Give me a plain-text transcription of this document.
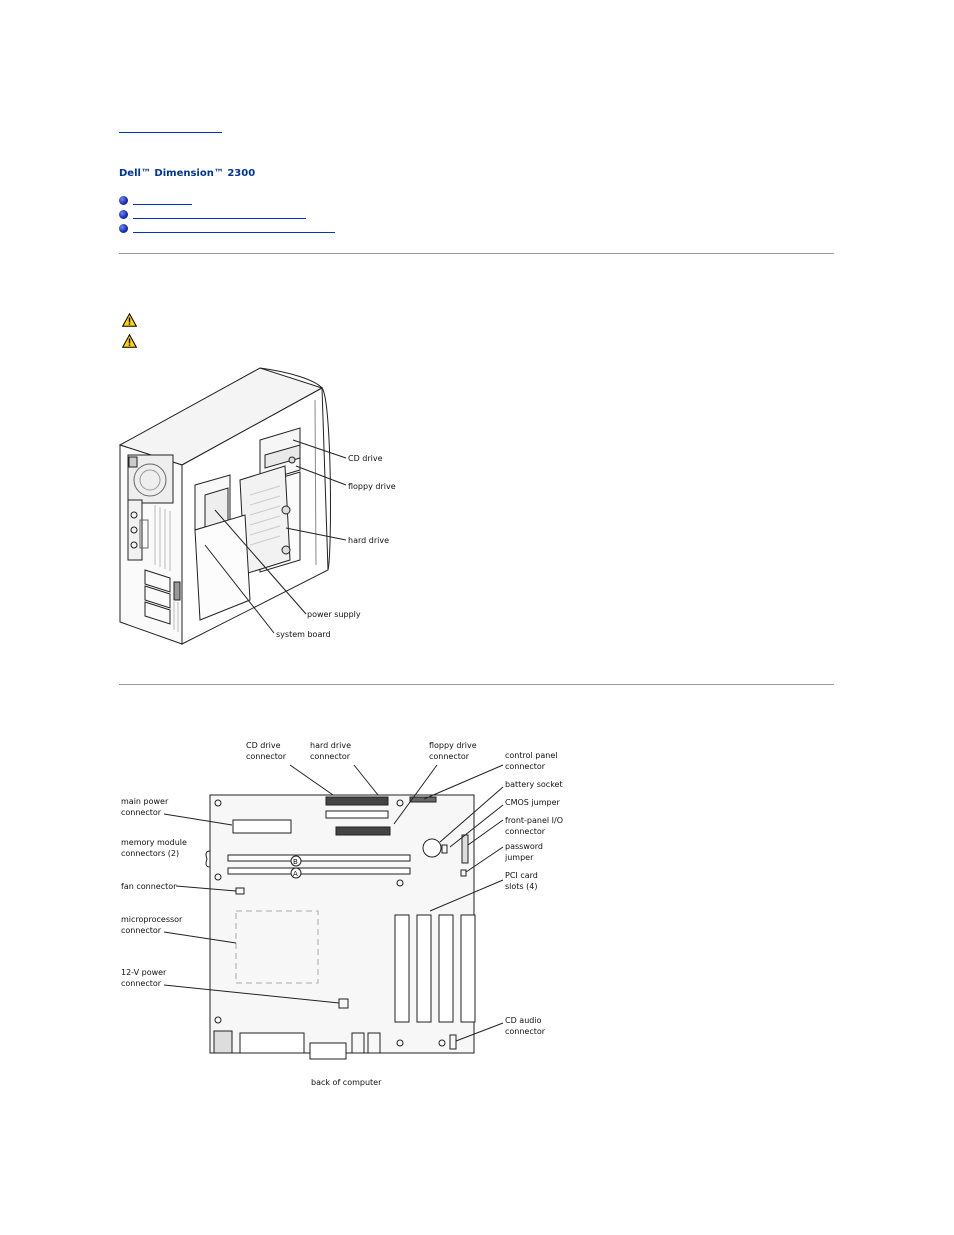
Dell™ Dimension™ 2300
CD drive
floppy drive
hard drive
power supply
system board
B
A
CD drive connector
hard drive connector
floppy drive connector	control panel connector
battery socket
CMOS jumper
front-panel I/O connector
password jumper
PCI card slots (4)
main power connector
memory module connectors (2)
fan connector
microprocessor connector
12-V power connector
CD audio connector
back of computer
